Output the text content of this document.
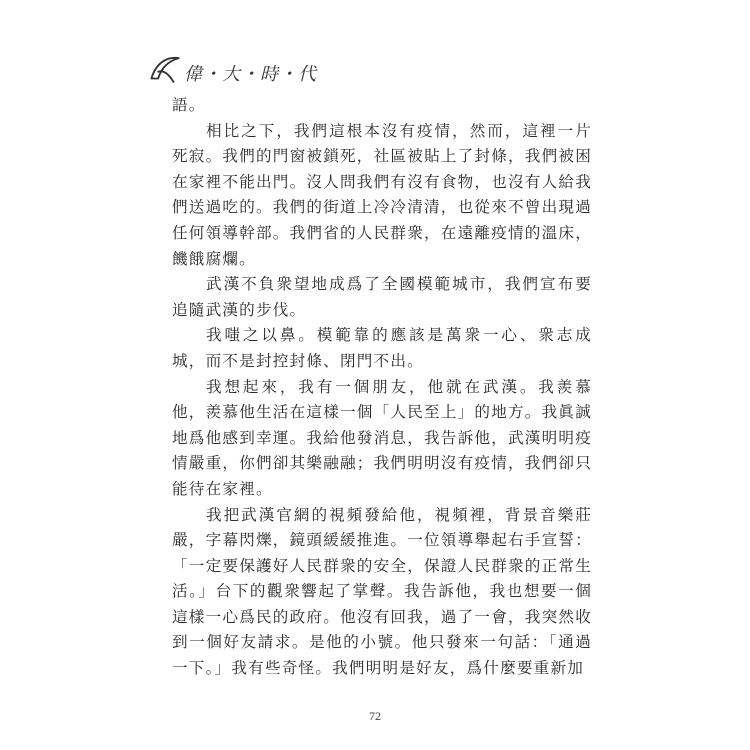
偉・大・時・代

語。

相比之下，我們這根本沒有疫情，然而，這裡一片死寂。我們的門窗被鎖死，社區被貼上了封條，我們被困在家裡不能出門。沒人問我們有沒有食物，也沒有人給我們送過吃的。我們的街道上冷冷清清，也從來不曾出現過任何領導幹部。我們省的人民群衆，在遠離疫情的溫床，饑餓腐爛。

武漢不負衆望地成爲了全國模範城市，我們宣布要追隨武漢的步伐。

我嗤之以鼻。模範靠的應該是萬衆一心、衆志成城，而不是封控封條、閉門不出。

我想起來，我有一個朋友，他就在武漢。我羨慕他，羨慕他生活在這樣一個「人民至上」的地方。我眞誠地爲他感到幸運。我給他發消息，我告訴他，武漢明明疫情嚴重，你們卻其樂融融；我們明明沒有疫情，我們卻只能待在家裡。

我把武漢官網的視頻發給他，視頻裡，背景音樂莊嚴，字幕閃爍，鏡頭緩緩推進。一位領導舉起右手宣誓：「一定要保護好人民群衆的安全，保證人民群衆的正常生活。」台下的觀衆響起了掌聲。我告訴他，我也想要一個這樣一心爲民的政府。他沒有回我，過了一會，我突然收到一個好友請求。是他的小號。他只發來一句話：「通過一下。」我有些奇怪。我們明明是好友，爲什麼要重新加

72
